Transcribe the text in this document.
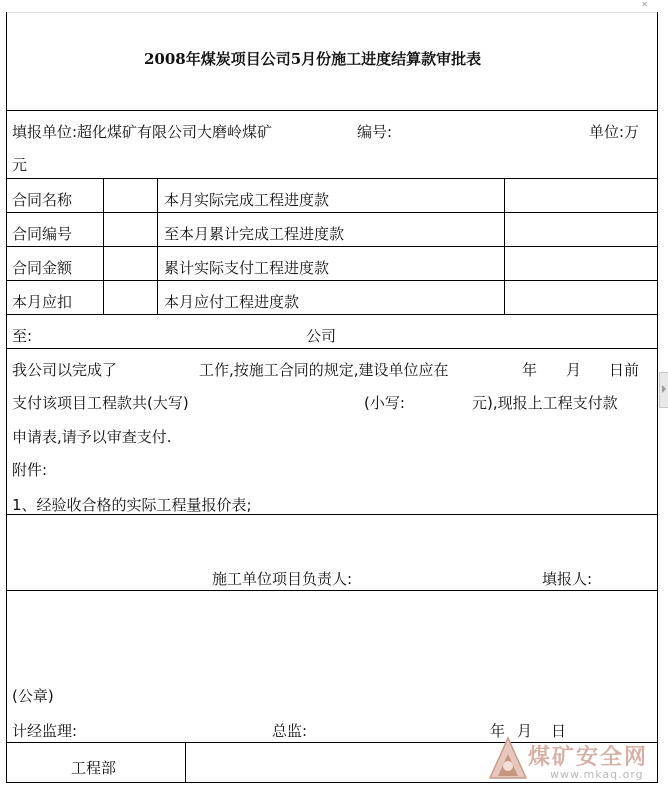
✕
2008年煤炭项目公司5月份施工进度结算款审批表
填报单位:超化煤矿有限公司大磨岭煤矿	编号:	单位:万
元
合同名称	本月实际完成工程进度款
合同编号	至本月累计完成工程进度款
合同金额	累计实际支付工程进度款
本月应扣	本月应付工程进度款
至:	公司
我公司以完成了	工作,按施工合同的规定,建设单位应在	年 月 日前
支付该项目工程款共(大写)	(小写:	元),现报上工程支付款
申请表,请予以审查支付.
附件:
1、经验收合格的实际工程量报价表;
施工单位项目负责人:	填报人:
(公章)
计经监理:	总监:	年 月 日
工程部	煤矿安全网
www.mkaq.org
